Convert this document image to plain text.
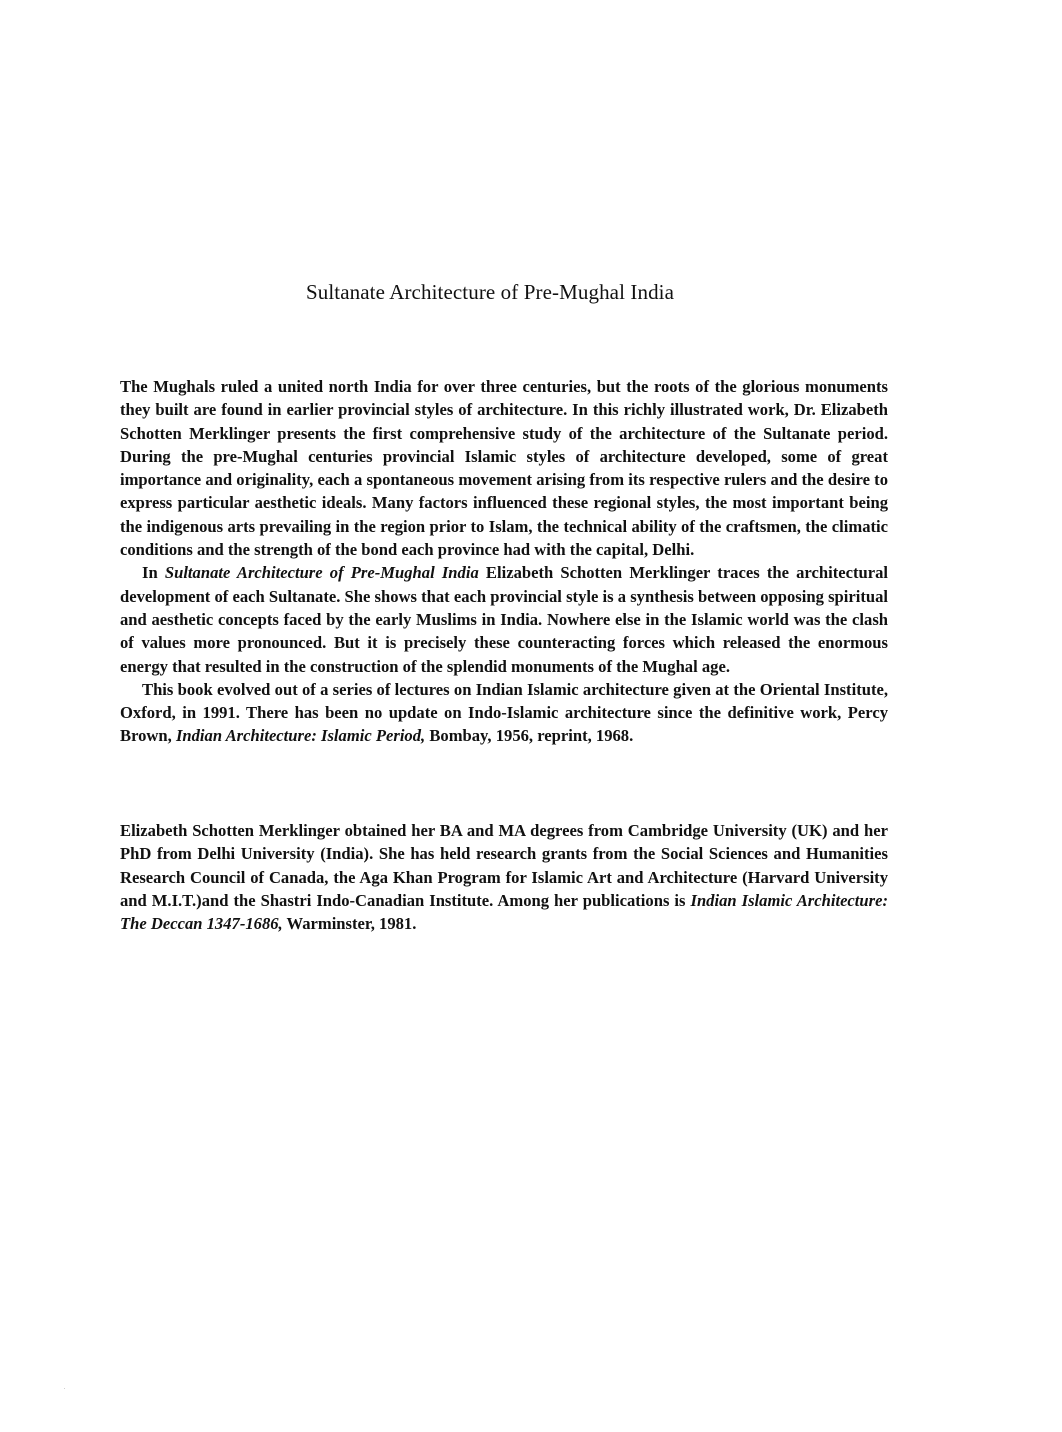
Sultanate Architecture of Pre-Mughal India

The Mughals ruled a united north India for over three centuries, but the roots of the glorious monuments they built are found in earlier provincial styles of architecture. In this richly illustrated work, Dr. Elizabeth Schotten Merklinger presents the first comprehensive study of the architecture of the Sultanate period. During the pre-Mughal centuries provincial Islamic styles of architecture developed, some of great importance and originality, each a spontaneous movement arising from its respective rulers and the desire to express particular aesthetic ideals. Many factors influenced these regional styles, the most important being the indigenous arts prevailing in the region prior to Islam, the technical ability of the craftsmen, the climatic conditions and the strength of the bond each province had with the capital, Delhi.

In Sultanate Architecture of Pre-Mughal India Elizabeth Schotten Merklinger traces the architectural development of each Sultanate. She shows that each provincial style is a synthesis between opposing spiritual and aesthetic concepts faced by the early Muslims in India. Nowhere else in the Islamic world was the clash of values more pronounced. But it is precisely these counteracting forces which released the enormous energy that resulted in the construction of the splendid monuments of the Mughal age.

This book evolved out of a series of lectures on Indian Islamic architecture given at the Oriental Institute, Oxford, in 1991. There has been no update on Indo-Islamic architecture since the definitive work, Percy Brown, Indian Architecture: Islamic Period, Bombay, 1956, reprint, 1968.

Elizabeth Schotten Merklinger obtained her BA and MA degrees from Cambridge University (UK) and her PhD from Delhi University (India). She has held research grants from the Social Sciences and Humanities Research Council of Canada, the Aga Khan Program for Islamic Art and Architecture (Harvard University and M.I.T.)and the Shastri Indo-Canadian Institute. Among her publications is Indian Islamic Architecture: The Deccan 1347-1686, Warminster, 1981.
